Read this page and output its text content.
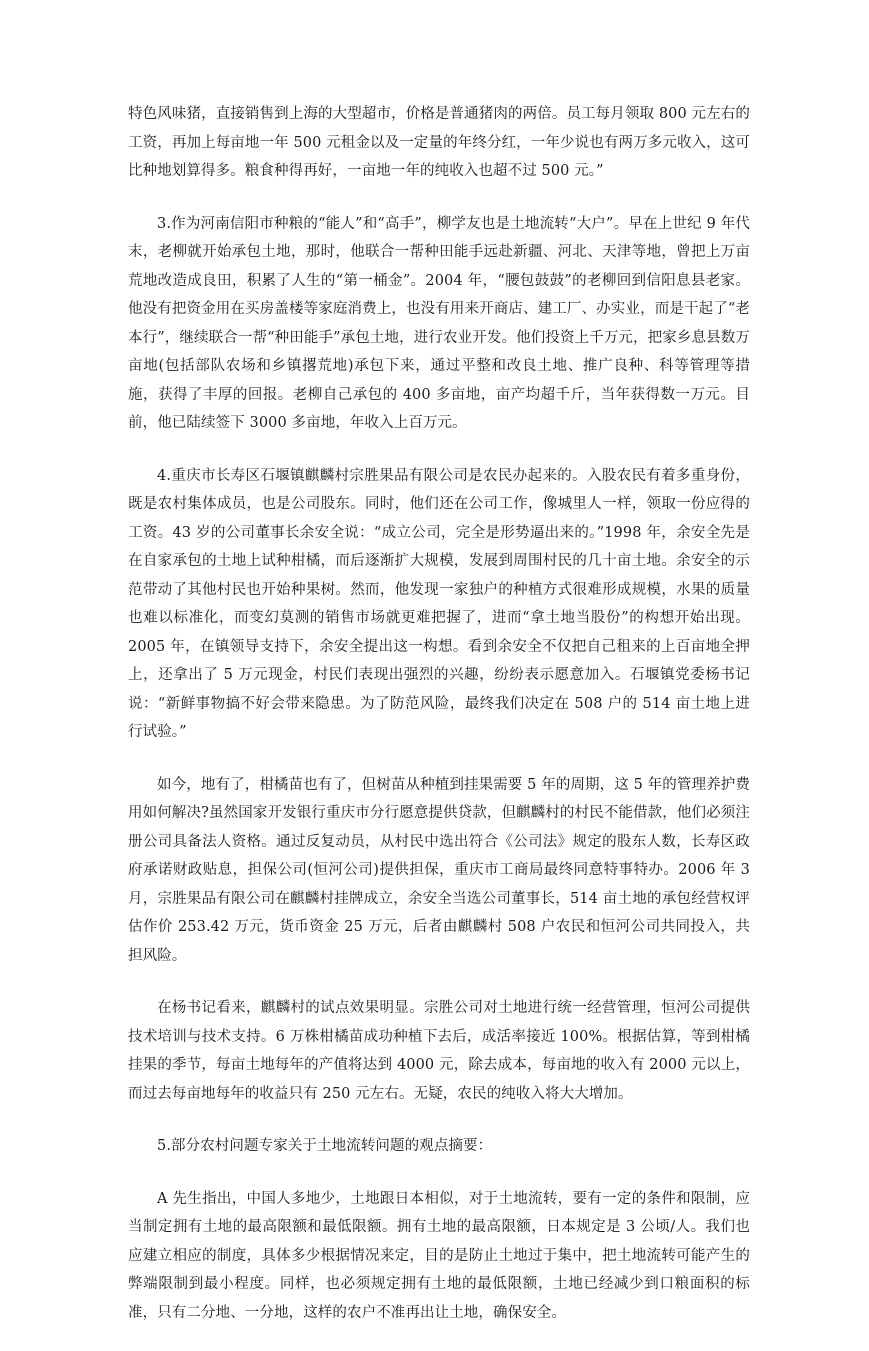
特色风味猪，直接销售到上海的大型超市，价格是普通猪肉的两倍。员工每月领取 800 元左右的工资，再加上每亩地一年 500 元租金以及一定量的年终分红，一年少说也有两万多元收入，这可比种地划算得多。粮食种得再好，一亩地一年的纯收入也超不过 500 元。”

3.作为河南信阳市种粮的“能人”和“高手”，柳学友也是土地流转“大户”。早在上世纪 9 年代末，老柳就开始承包土地，那时，他联合一帮种田能手远赴新疆、河北、天津等地，曾把上万亩荒地改造成良田，积累了人生的“第一桶金”。2004 年，“腰包鼓鼓”的老柳回到信阳息县老家。他没有把资金用在买房盖楼等家庭消费上，也没有用来开商店、建工厂、办实业，而是干起了“老本行”，继续联合一帮“种田能手”承包土地，进行农业开发。他们投资上千万元，把家乡息县数万亩地(包括部队农场和乡镇撂荒地)承包下来，通过平整和改良土地、推广良种、科等管理等措施，获得了丰厚的回报。老柳自己承包的 400 多亩地，亩产均超千斤，当年获得数一万元。目前，他已陆续签下 3000 多亩地，年收入上百万元。

4.重庆市长寿区石堰镇麒麟村宗胜果品有限公司是农民办起来的。入股农民有着多重身份，既是农村集体成员，也是公司股东。同时，他们还在公司工作，像城里人一样，领取一份应得的工资。43 岁的公司董事长余安全说：“成立公司，完全是形势逼出来的。”1998 年，余安全先是在自家承包的土地上试种柑橘，而后逐渐扩大规模，发展到周围村民的几十亩土地。余安全的示范带动了其他村民也开始种果树。然而，他发现一家独户的种植方式很难形成规模，水果的质量也难以标准化，而变幻莫测的销售市场就更难把握了，进而“拿土地当股份”的构想开始出现。2005 年，在镇领导支持下，余安全提出这一构想。看到余安全不仅把自己租来的上百亩地全押上，还拿出了 5 万元现金，村民们表现出强烈的兴趣，纷纷表示愿意加入。石堰镇党委杨书记说：“新鲜事物搞不好会带来隐患。为了防范风险，最终我们决定在 508 户的 514 亩土地上进行试验。”

如今，地有了，柑橘苗也有了，但树苗从种植到挂果需要 5 年的周期，这 5 年的管理养护费用如何解决?虽然国家开发银行重庆市分行愿意提供贷款，但麒麟村的村民不能借款，他们必须注册公司具备法人资格。通过反复动员，从村民中选出符合《公司法》规定的股东人数，长寿区政府承诺财政贴息，担保公司(恒河公司)提供担保，重庆市工商局最终同意特事特办。2006 年 3 月，宗胜果品有限公司在麒麟村挂牌成立，余安全当选公司董事长，514 亩土地的承包经营权评估作价 253.42 万元，货币资金 25 万元，后者由麒麟村 508 户农民和恒河公司共同投入，共担风险。

在杨书记看来，麒麟村的试点效果明显。宗胜公司对土地进行统一经营管理，恒河公司提供技术培训与技术支持。6 万株柑橘苗成功种植下去后，成活率接近 100%。根据估算，等到柑橘挂果的季节，每亩土地每年的产值将达到 4000 元，除去成本，每亩地的收入有 2000 元以上，而过去每亩地每年的收益只有 250 元左右。无疑，农民的纯收入将大大增加。

5.部分农村问题专家关于土地流转问题的观点摘要：

A 先生指出，中国人多地少，土地跟日本相似，对于土地流转，要有一定的条件和限制，应当制定拥有土地的最高限额和最低限额。拥有土地的最高限额，日本规定是 3 公顷/人。我们也应建立相应的制度，具体多少根据情况来定，目的是防止土地过于集中，把土地流转可能产生的弊端限制到最小程度。同样，也必须规定拥有土地的最低限额，土地已经减少到口粮面积的标准，只有二分地、一分地，这样的农户不准再出让土地，确保安全。
